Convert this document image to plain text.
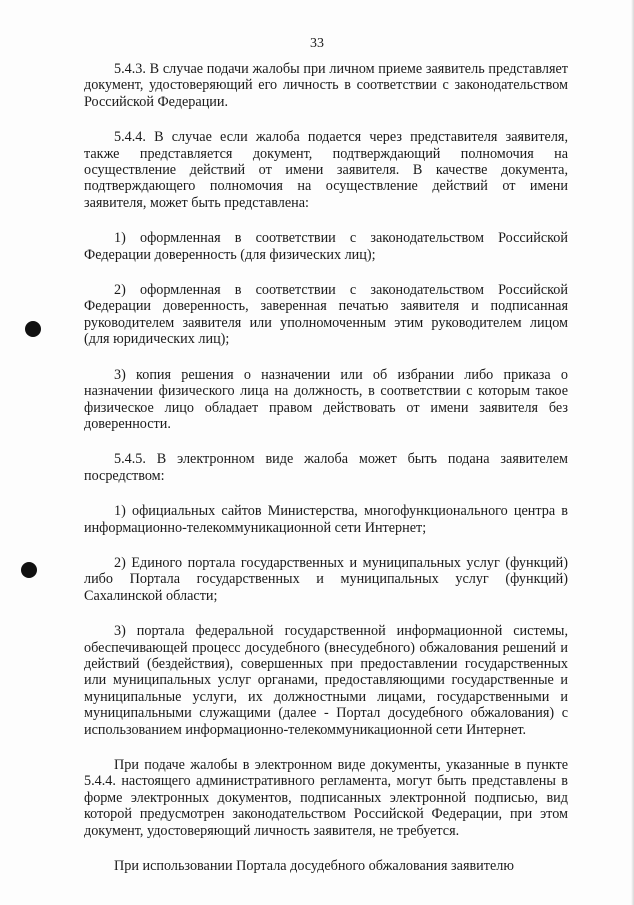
33

5.4.3. В случае подачи жалобы при личном приеме заявитель представляет документ, удостоверяющий его личность в соответствии с законодательством Российской Федерации.

5.4.4. В случае если жалоба подается через представителя заявителя, также представляется документ, подтверждающий полномочия на осуществление действий от имени заявителя. В качестве документа, подтверждающего полномочия на осуществление действий от имени заявителя, может быть представлена:

1) оформленная в соответствии с законодательством Российской Федерации доверенность (для физических лиц);

2) оформленная в соответствии с законодательством Российской Федерации доверенность, заверенная печатью заявителя и подписанная руководителем заявителя или уполномоченным этим руководителем лицом (для юридических лиц);

3) копия решения о назначении или об избрании либо приказа о назначении физического лица на должность, в соответствии с которым такое физическое лицо обладает правом действовать от имени заявителя без доверенности.

5.4.5. В электронном виде жалоба может быть подана заявителем посредством:

1) официальных сайтов Министерства, многофункционального центра в информационно-телекоммуникационной сети Интернет;

2) Единого портала государственных и муниципальных услуг (функций) либо Портала государственных и муниципальных услуг (функций) Сахалинской области;

3) портала федеральной государственной информационной системы, обеспечивающей процесс досудебного (внесудебного) обжалования решений и действий (бездействия), совершенных при предоставлении государственных или муниципальных услуг органами, предоставляющими государственные и муниципальные услуги, их должностными лицами, государственными и муниципальными служащими (далее - Портал досудебного обжалования) с использованием информационно-телекоммуникационной сети Интернет.

При подаче жалобы в электронном виде документы, указанные в пункте 5.4.4. настоящего административного регламента, могут быть представлены в форме электронных документов, подписанных электронной подписью, вид которой предусмотрен законодательством Российской Федерации, при этом документ, удостоверяющий личность заявителя, не требуется.

При использовании Портала досудебного обжалования заявителю
